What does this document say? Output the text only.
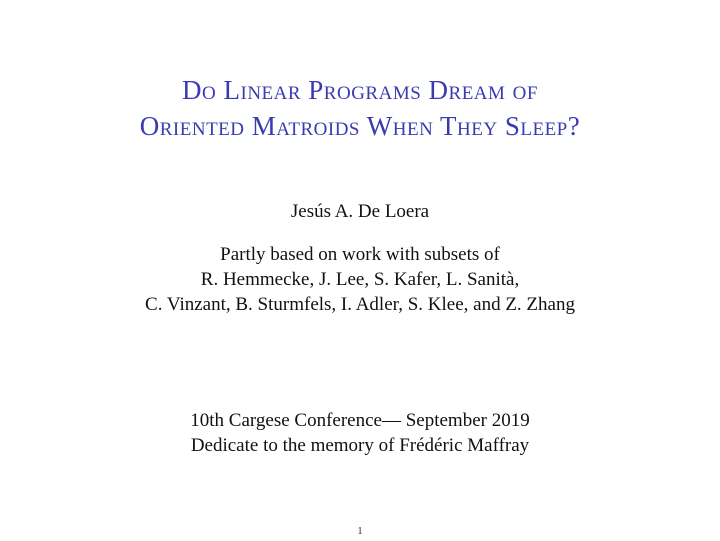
Do Linear Programs Dream of
Oriented Matroids When They Sleep?
Jesús A. De Loera
Partly based on work with subsets of
R. Hemmecke, J. Lee, S. Kafer, L. Sanità,
C. Vinzant, B. Sturmfels, I. Adler, S. Klee, and Z. Zhang
10th Cargese Conference— September 2019
Dedicate to the memory of Frédéric Maffray
1
